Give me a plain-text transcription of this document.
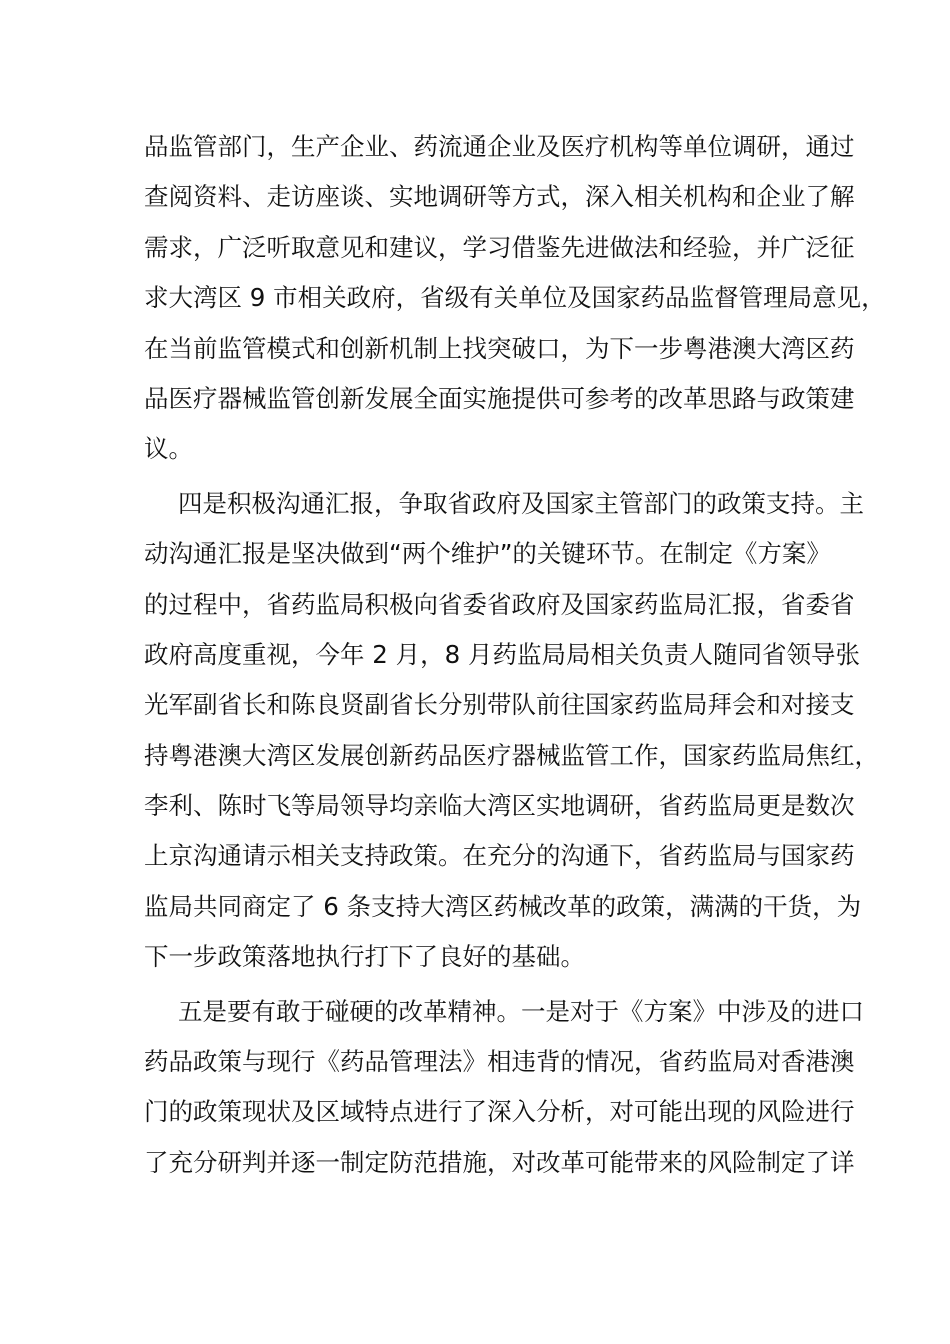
品监管部门，生产企业、药流通企业及医疗机构等单位调研，通过
查阅资料、走访座谈、实地调研等方式，深入相关机构和企业了解
需求，广泛听取意见和建议，学习借鉴先进做法和经验，并广泛征
求大湾区 9 市相关政府，省级有关单位及国家药品监督管理局意见，
在当前监管模式和创新机制上找突破口，为下一步粤港澳大湾区药
品医疗器械监管创新发展全面实施提供可参考的改革思路与政策建
议。

四是积极沟通汇报，争取省政府及国家主管部门的政策支持。主
动沟通汇报是坚决做到“两个维护”的关键环节。在制定《方案》
的过程中，省药监局积极向省委省政府及国家药监局汇报，省委省
政府高度重视，今年 2 月，8 月药监局局相关负责人随同省领导张
光军副省长和陈良贤副省长分别带队前往国家药监局拜会和对接支
持粤港澳大湾区发展创新药品医疗器械监管工作，国家药监局焦红，
李利、陈时飞等局领导均亲临大湾区实地调研，省药监局更是数次
上京沟通请示相关支持政策。在充分的沟通下，省药监局与国家药
监局共同商定了 6 条支持大湾区药械改革的政策，满满的干货，为
下一步政策落地执行打下了良好的基础。

五是要有敢于碰硬的改革精神。一是对于《方案》中涉及的进口
药品政策与现行《药品管理法》相违背的情况，省药监局对香港澳
门的政策现状及区域特点进行了深入分析，对可能出现的风险进行
了充分研判并逐一制定防范措施，对改革可能带来的风险制定了详
